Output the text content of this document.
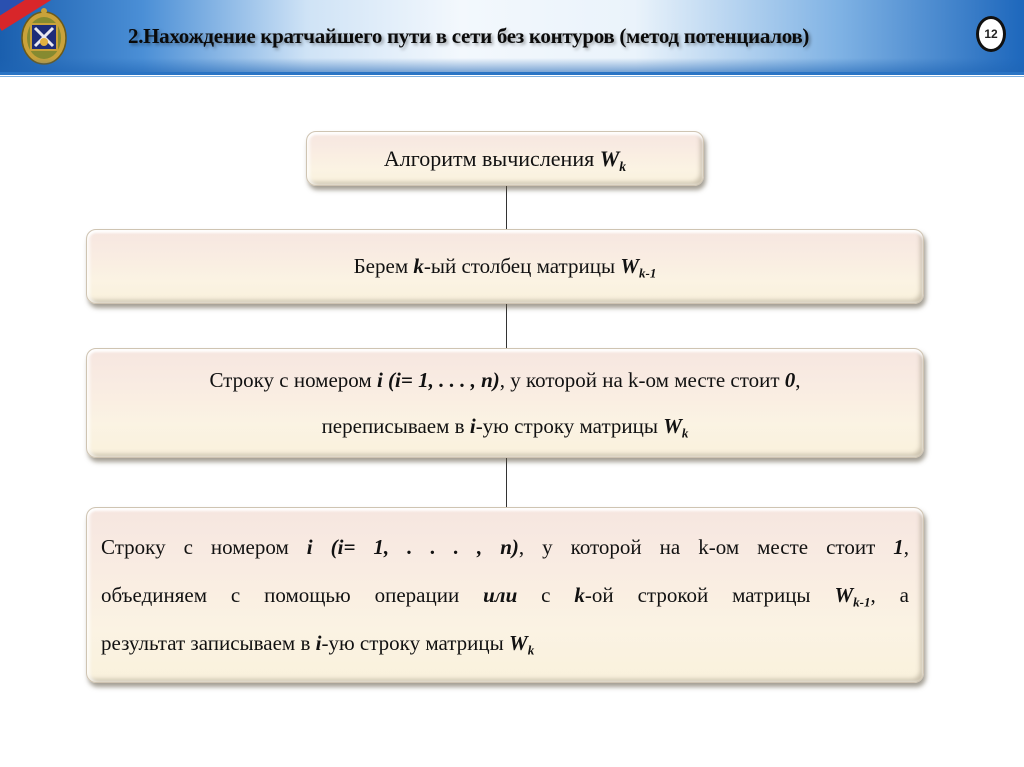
2.Нахождение кратчайшего пути в сети без контуров (метод потенциалов)	12
Алгоритм вычисления $W_k$
Берем k-ый столбец матрицы $W_{k-1}$
Строку с номером i (i= 1, . . . , n), у которой на k-ом месте стоит 0,
переписываем в i-ую строку матрицы $W_k$
Строку с номером i (i= 1, . . . , n), у которой на k-ом месте стоит 1,
объединяем с помощью операции или с k-ой строкой матрицы $W_{k-1}$, а
результат записываем в i-ую строку матрицы $W_k$
